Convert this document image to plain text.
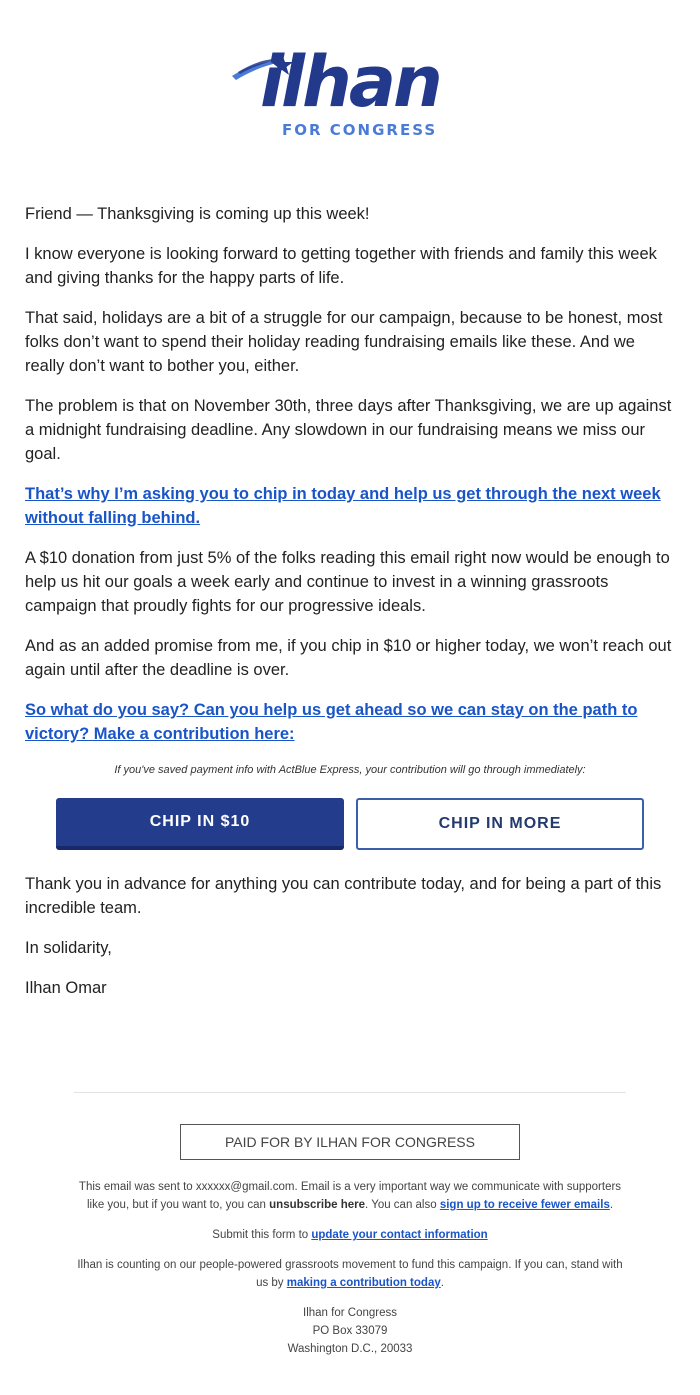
ilhan
FOR CONGRESS

Friend — Thanksgiving is coming up this week!

I know everyone is looking forward to getting together with friends and family this week and giving thanks for the happy parts of life.

That said, holidays are a bit of a struggle for our campaign, because to be honest, most folks don’t want to spend their holiday reading fundraising emails like these. And we really don’t want to bother you, either.

The problem is that on November 30th, three days after Thanksgiving, we are up against a midnight fundraising deadline. Any slowdown in our fundraising means we miss our goal.

That’s why I’m asking you to chip in today and help us get through the next week without falling behind.

A $10 donation from just 5% of the folks reading this email right now would be enough to help us hit our goals a week early and continue to invest in a winning grassroots campaign that proudly fights for our progressive ideals.

And as an added promise from me, if you chip in $10 or higher today, we won’t reach out again until after the deadline is over.

So what do you say? Can you help us get ahead so we can stay on the path to victory? Make a contribution here:

If you've saved payment info with ActBlue Express, your contribution will go through immediately:
CHIP IN $10	CHIP IN MORE

Thank you in advance for anything you can contribute today, and for being a part of this incredible team.

In solidarity,

Ilhan Omar

PAID FOR BY ILHAN FOR CONGRESS

This email was sent to xxxxxx@gmail.com. Email is a very important way we communicate with supporters like you, but if you want to, you can unsubscribe here. You can also sign up to receive fewer emails.

Submit this form to update your contact information

Ilhan is counting on our people-powered grassroots movement to fund this campaign. If you can, stand with us by making a contribution today.

Ilhan for Congress

PO Box 33079

Washington D.C., 20033
